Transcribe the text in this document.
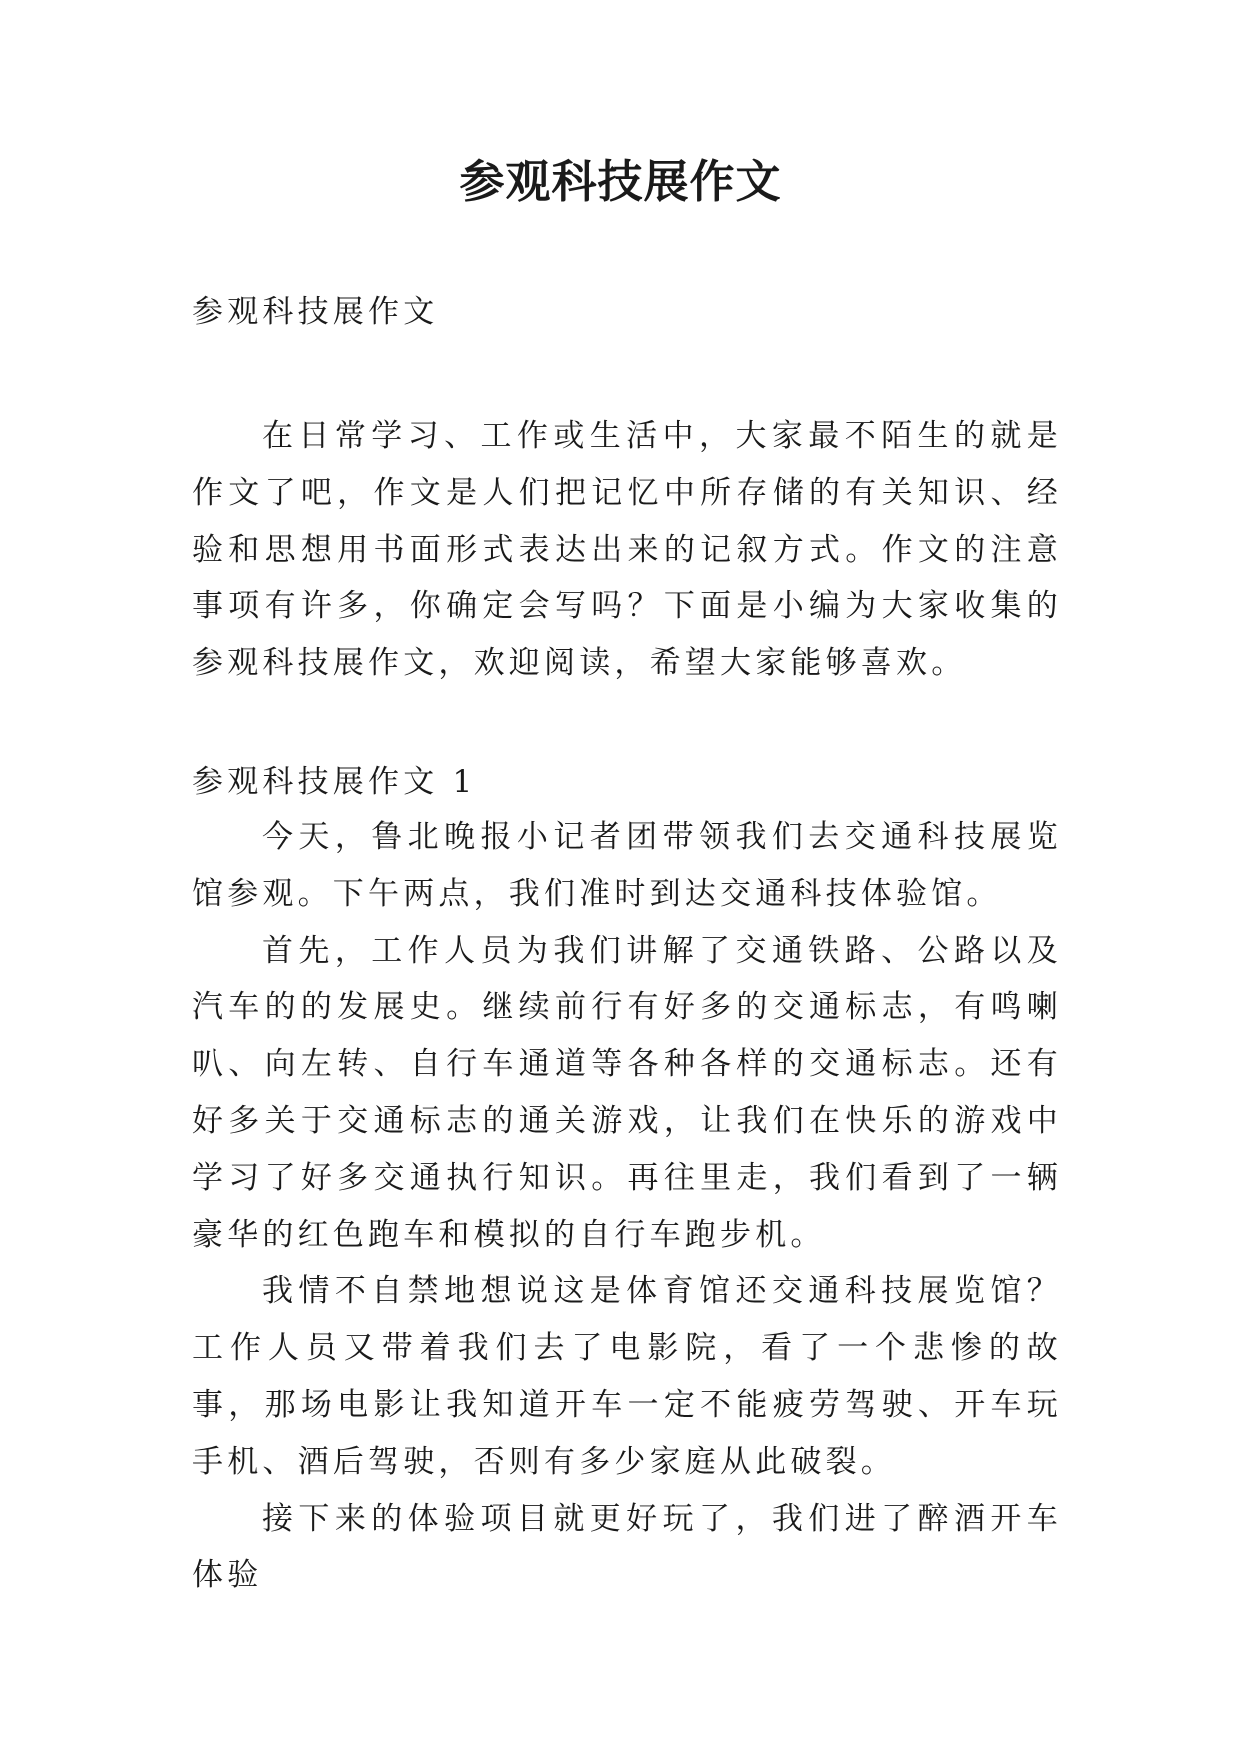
参观科技展作文

参观科技展作文

在日常学习、工作或生活中，大家最不陌生的就是作文了吧，作文是人们把记忆中所存储的有关知识、经验和思想用书面形式表达出来的记叙方式。作文的注意事项有许多，你确定会写吗？下面是小编为大家收集的参观科技展作文，欢迎阅读，希望大家能够喜欢。

参观科技展作文 1

今天，鲁北晚报小记者团带领我们去交通科技展览馆参观。下午两点，我们准时到达交通科技体验馆。

首先，工作人员为我们讲解了交通铁路、公路以及汽车的的发展史。继续前行有好多的交通标志，有鸣喇叭、向左转、自行车通道等各种各样的交通标志。还有好多关于交通标志的通关游戏，让我们在快乐的游戏中学习了好多交通执行知识。再往里走，我们看到了一辆豪华的红色跑车和模拟的自行车跑步机。

我情不自禁地想说这是体育馆还交通科技展览馆？工作人员又带着我们去了电影院，看了一个悲惨的故事，那场电影让我知道开车一定不能疲劳驾驶、开车玩手机、酒后驾驶，否则有多少家庭从此破裂。

接下来的体验项目就更好玩了，我们进了醉酒开车体验
